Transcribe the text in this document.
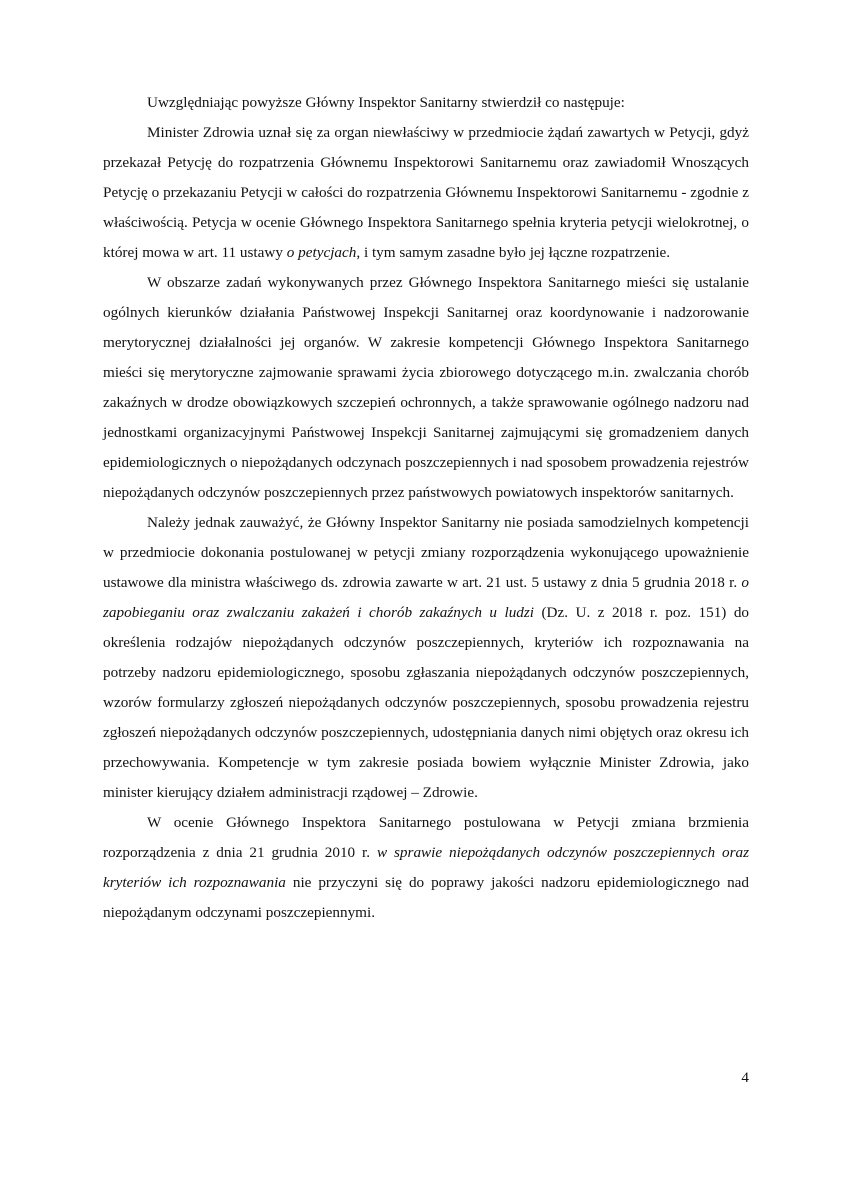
Uwzględniając powyższe Główny Inspektor Sanitarny stwierdził co następuje:

Minister Zdrowia uznał się za organ niewłaściwy w przedmiocie żądań zawartych w Petycji, gdyż przekazał Petycję do rozpatrzenia Głównemu Inspektorowi Sanitarnemu oraz zawiadomił Wnoszących Petycję o przekazaniu Petycji w całości do rozpatrzenia Głównemu Inspektorowi Sanitarnemu - zgodnie z właściwością. Petycja w ocenie Głównego Inspektora Sanitarnego spełnia kryteria petycji wielokrotnej, o której mowa w art. 11 ustawy o petycjach, i tym samym zasadne było jej łączne rozpatrzenie.

W obszarze zadań wykonywanych przez Głównego Inspektora Sanitarnego mieści się ustalanie ogólnych kierunków działania Państwowej Inspekcji Sanitarnej oraz koordynowanie i nadzorowanie merytorycznej działalności jej organów. W zakresie kompetencji Głównego Inspektora Sanitarnego mieści się merytoryczne zajmowanie sprawami życia zbiorowego dotyczącego m.in. zwalczania chorób zakaźnych w drodze obowiązkowych szczepień ochronnych, a także sprawowanie ogólnego nadzoru nad jednostkami organizacyjnymi Państwowej Inspekcji Sanitarnej zajmującymi się gromadzeniem danych epidemiologicznych o niepożądanych odczynach poszczepiennych i nad sposobem prowadzenia rejestrów niepożądanych odczynów poszczepiennych przez państwowych powiatowych inspektorów sanitarnych.

Należy jednak zauważyć, że Główny Inspektor Sanitarny nie posiada samodzielnych kompetencji w przedmiocie dokonania postulowanej w petycji zmiany rozporządzenia wykonującego upoważnienie ustawowe dla ministra właściwego ds. zdrowia zawarte w art. 21 ust. 5 ustawy z dnia 5 grudnia 2018 r. o zapobieganiu oraz zwalczaniu zakażeń i chorób zakaźnych u ludzi (Dz. U. z 2018 r. poz. 151) do określenia rodzajów niepożądanych odczynów poszczepiennych, kryteriów ich rozpoznawania na potrzeby nadzoru epidemiologicznego, sposobu zgłaszania niepożądanych odczynów poszczepiennych, wzorów formularzy zgłoszeń niepożądanych odczynów poszczepiennych, sposobu prowadzenia rejestru zgłoszeń niepożądanych odczynów poszczepiennych, udostępniania danych nimi objętych oraz okresu ich przechowywania. Kompetencje w tym zakresie posiada bowiem wyłącznie Minister Zdrowia, jako minister kierujący działem administracji rządowej – Zdrowie.

W ocenie Głównego Inspektora Sanitarnego postulowana w Petycji zmiana brzmienia rozporządzenia z dnia 21 grudnia 2010 r. w sprawie niepożądanych odczynów poszczepiennych oraz kryteriów ich rozpoznawania nie przyczyni się do poprawy jakości nadzoru epidemiologicznego nad niepożądanym odczynami poszczepiennymi.

4
